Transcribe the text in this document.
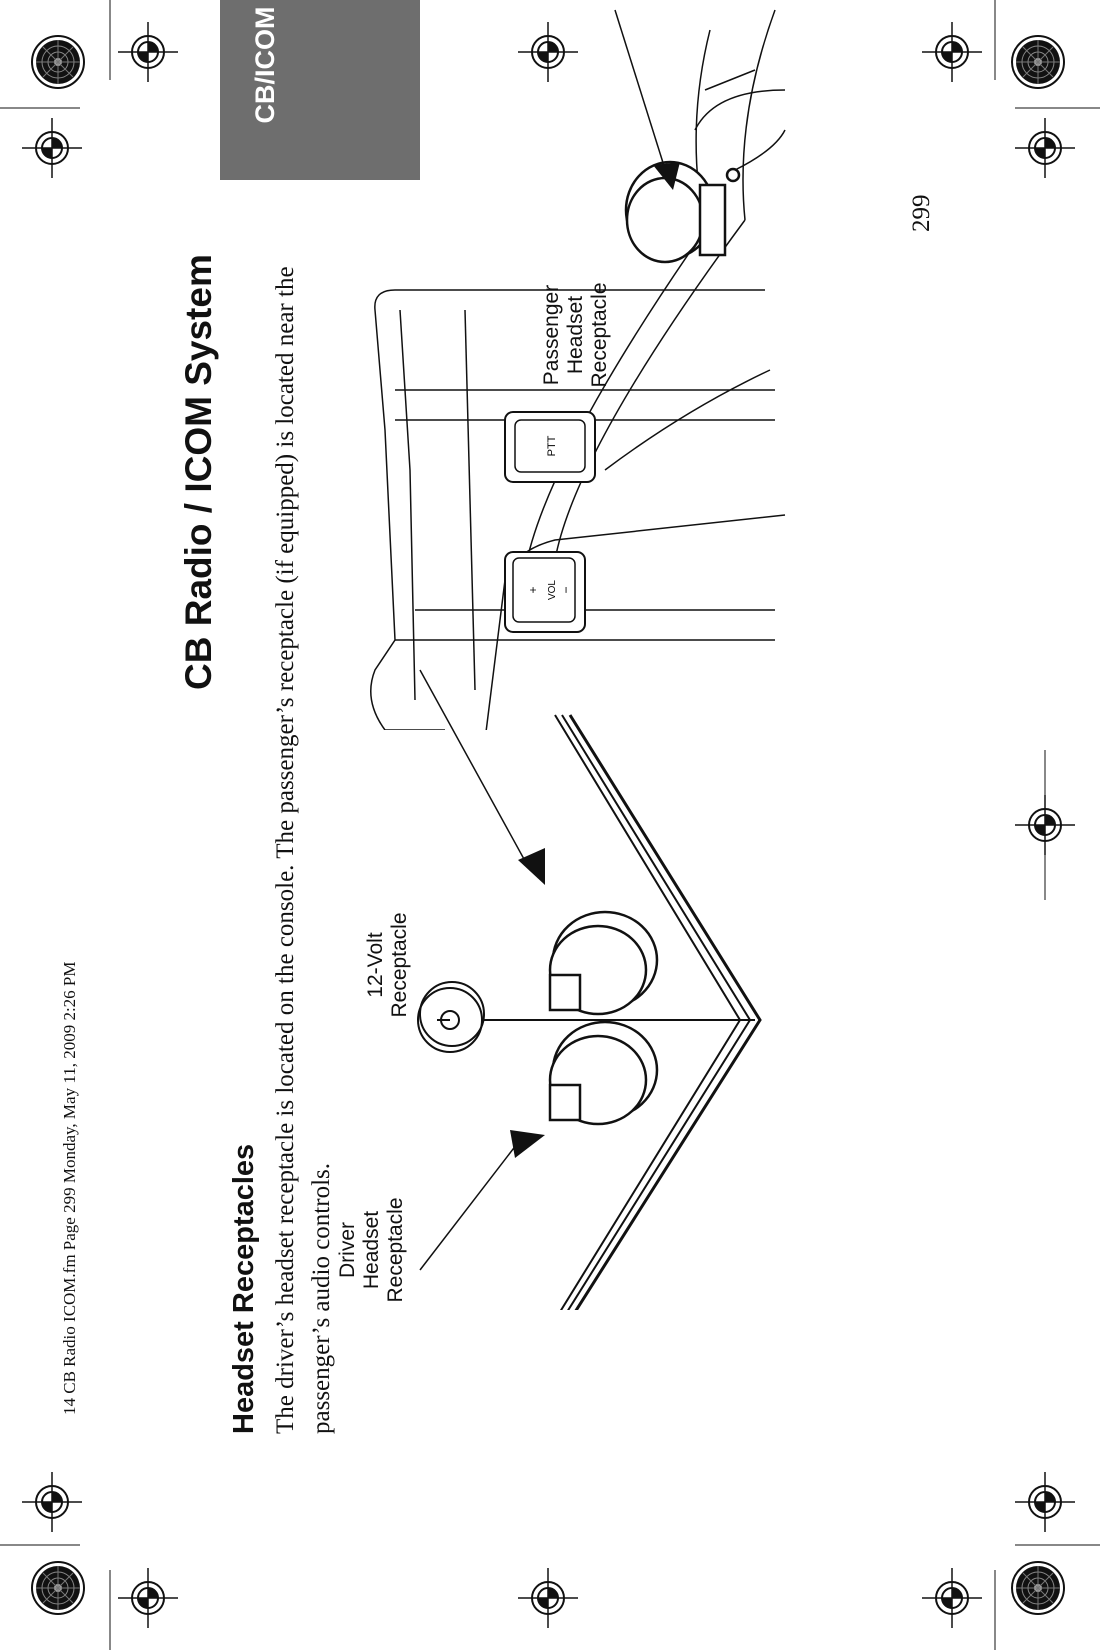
14 CB Radio ICOM.fm Page 299 Monday, May 11, 2009 2:26 PM
CB/ICOM
CB Radio / ICOM System
Headset Receptacles The driver’s headset receptacle is located on the console. The passenger’s receptacle (if equipped) is located near the passenger’s audio controls.

299
+ VOL −
PTT
Driver Headset Receptacle
12-Volt Receptacle
Passenger Headset Receptacle
